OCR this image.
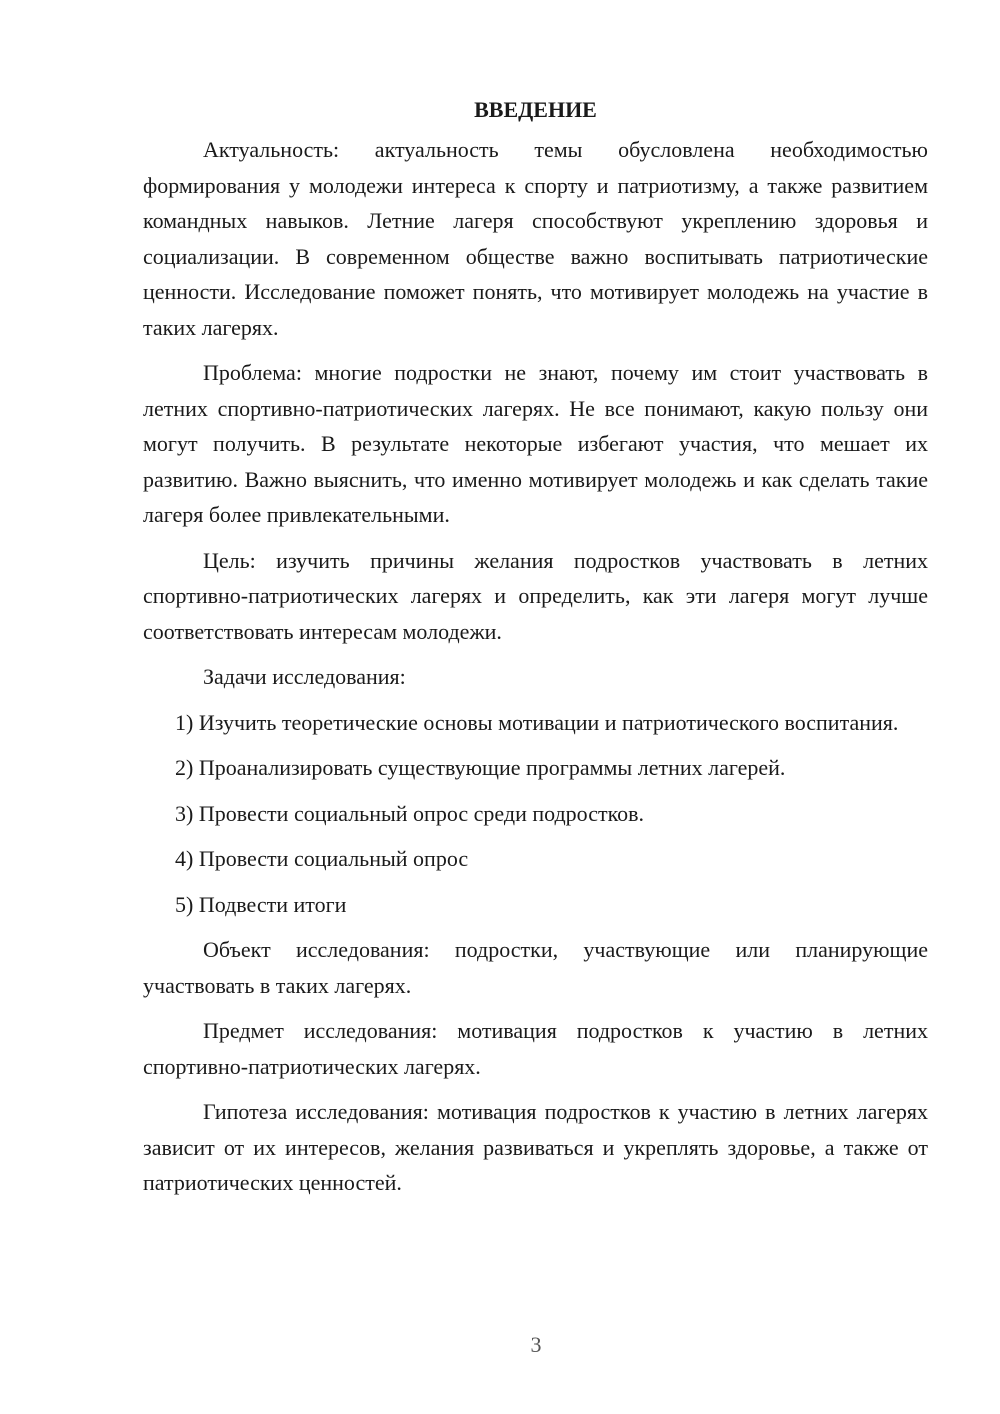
ВВЕДЕНИЕ

Актуальность: актуальность темы обусловлена необходимостью формирования у молодежи интереса к спорту и патриотизму, а также развитием командных навыков. Летние лагеря способствуют укреплению здоровья и социализации. В современном обществе важно воспитывать патриотические ценности. Исследование поможет понять, что мотивирует молодежь на участие в таких лагерях.

Проблема: многие подростки не знают, почему им стоит участвовать в летних спортивно-патриотических лагерях. Не все понимают, какую пользу они могут получить. В результате некоторые избегают участия, что мешает их развитию. Важно выяснить, что именно мотивирует молодежь и как сделать такие лагеря более привлекательными.

Цель: изучить причины желания подростков участвовать в летних спортивно-патриотических лагерях и определить, как эти лагеря могут лучше соответствовать интересам молодежи.

Задачи исследования:

1) Изучить теоретические основы мотивации и патриотического воспитания.

2) Проанализировать существующие программы летних лагерей.

3) Провести социальный опрос среди подростков.

4) Провести социальный опрос

5) Подвести итоги

Объект исследования: подростки, участвующие или планирующие участвовать в таких лагерях.

Предмет исследования: мотивация подростков к участию в летних спортивно-патриотических лагерях.

Гипотеза исследования: мотивация подростков к участию в летних лагерях зависит от их интересов, желания развиваться и укреплять здоровье, а также от патриотических ценностей.

3
